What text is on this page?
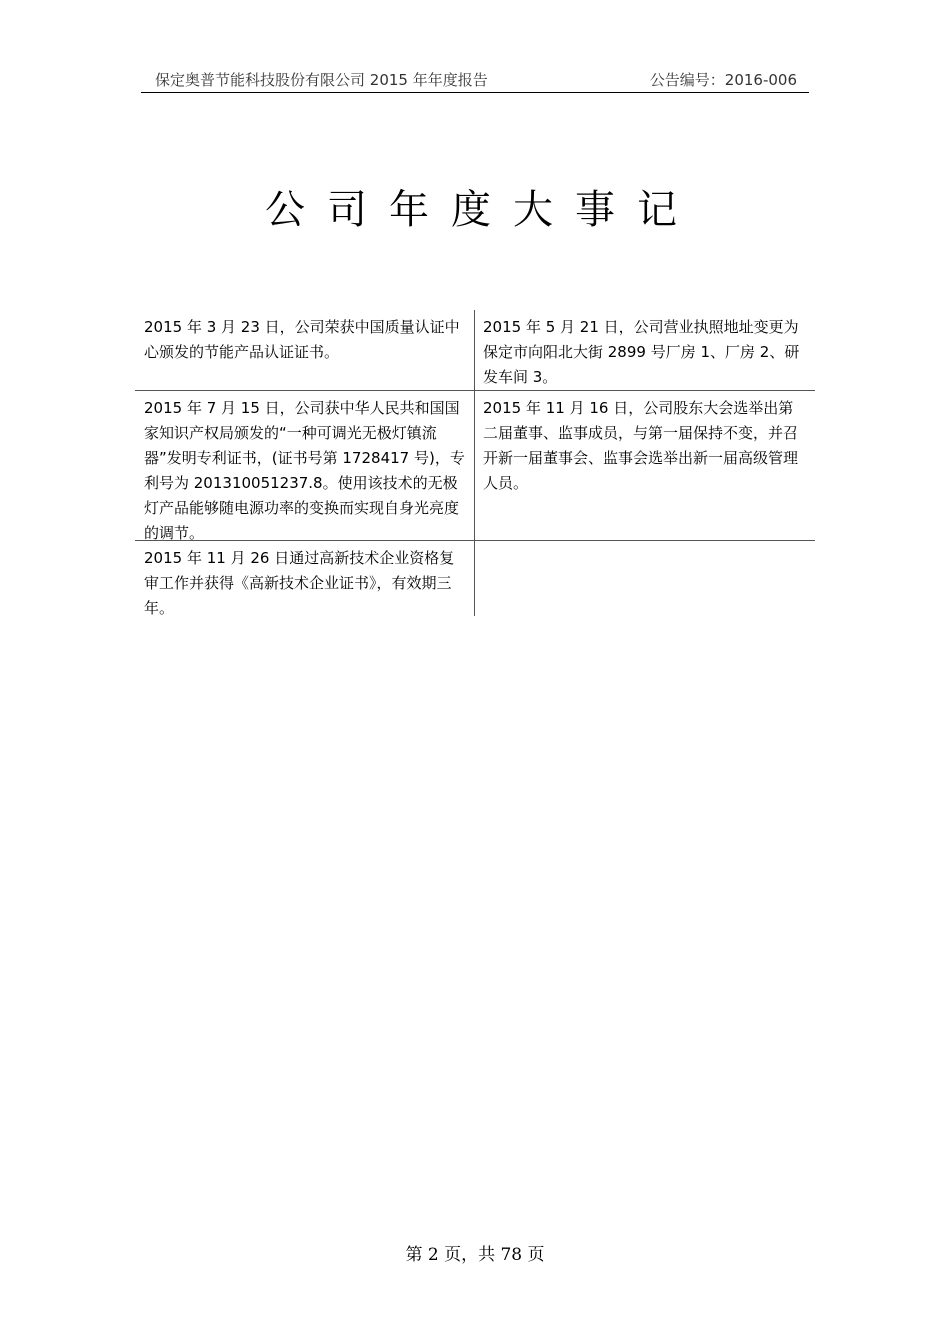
保定奥普节能科技股份有限公司 2015 年年度报告	公告编号：2016-006
公司年度大事记
2015 年 3 月 23 日，公司荣获中国质量认证中心颁发的节能产品认证证书。
2015 年 5 月 21 日，公司营业执照地址变更为保定市向阳北大街 2899 号厂房 1、厂房 2、研发车间 3。
2015 年 7 月 15 日，公司获中华人民共和国国家知识产权局颁发的“一种可调光无极灯镇流器”发明专利证书，(证书号第 1728417 号)，专利号为 201310051237.8。使用该技术的无极灯产品能够随电源功率的变换而实现自身光亮度的调节。
2015 年 11 月 16 日，公司股东大会选举出第二届董事、监事成员，与第一届保持不变，并召开新一届董事会、监事会选举出新一届高级管理人员。
2015 年 11 月 26 日通过高新技术企业资格复审工作并获得《高新技术企业证书》，有效期三年。
第 2 页，共 78 页
